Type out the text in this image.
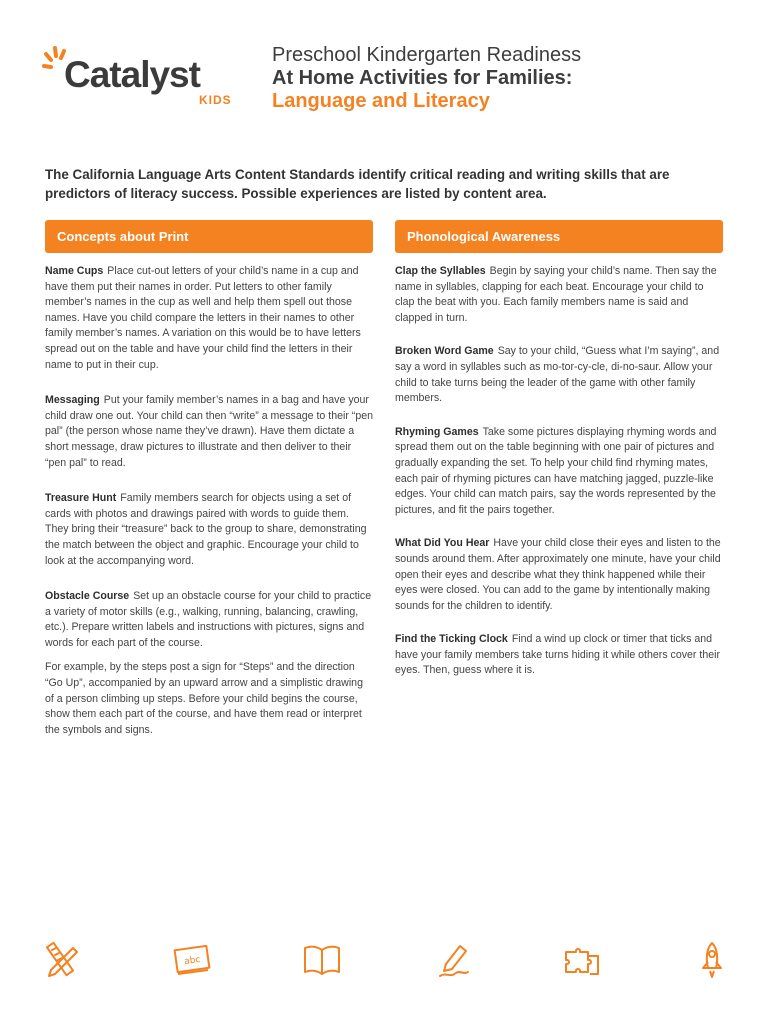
Catalyst
KIDS
Preschool Kindergarten Readiness
At Home Activities for Families:
Language and Literacy

The California Language Arts Content Standards identify critical reading and writing skills that are predictors of literacy success. Possible experiences are listed by content area.

Concepts about Print
Name Cups Place cut-out letters of your child’s name in a cup and have them put their names in order. Put letters to other family member’s names in the cup as well and help them spell out those names. Have you child compare the letters in their names to other family member’s names. A variation on this would be to have letters spread out on the table and have your child find the letters in their name to put in their cup.
Messaging Put your family member’s names in a bag and have your child draw one out. Your child can then “write” a message to their “pen pal” (the person whose name they’ve drawn). Have them dictate a short message, draw pictures to illustrate and then deliver to their “pen pal” to read.
Treasure Hunt Family members search for objects using a set of cards with photos and drawings paired with words to guide them. They bring their “treasure” back to the group to share, demonstrating the match between the object and graphic. Encourage your child to look at the accompanying word.
Obstacle Course Set up an obstacle course for your child to practice a variety of motor skills (e.g., walking, running, balancing, crawling, etc.). Prepare written labels and instructions with pictures, signs and words for each part of the course.
For example, by the steps post a sign for “Steps” and the direction “Go Up”, accompanied by an upward arrow and a simplistic drawing of a person climbing up steps. Before your child begins the course, show them each part of the course, and have them read or interpret the symbols and signs.
Phonological Awareness
Clap the Syllables Begin by saying your child’s name. Then say the name in syllables, clapping for each beat. Encourage your child to clap the beat with you. Each family members name is said and clapped in turn.
Broken Word Game Say to your child, “Guess what I’m saying”, and say a word in syllables such as mo-tor-cy-cle, di-no-saur. Allow your child to take turns being the leader of the game with other family members.
Rhyming Games Take some pictures displaying rhyming words and spread them out on the table beginning with one pair of pictures and gradually expanding the set. To help your child find rhyming mates, each pair of rhyming pictures can have matching jagged, puzzle-like edges. Your child can match pairs, say the words represented by the pictures, and fit the pairs together.
What Did You Hear Have your child close their eyes and listen to the sounds around them. After approximately one minute, have your child open their eyes and describe what they think happened while their eyes were closed. You can add to the game by intentionally making sounds for the children to identify.
Find the Ticking Clock Find a wind up clock or timer that ticks and have your family members take turns hiding it while others cover their eyes. Then, guess where it is.
abc
